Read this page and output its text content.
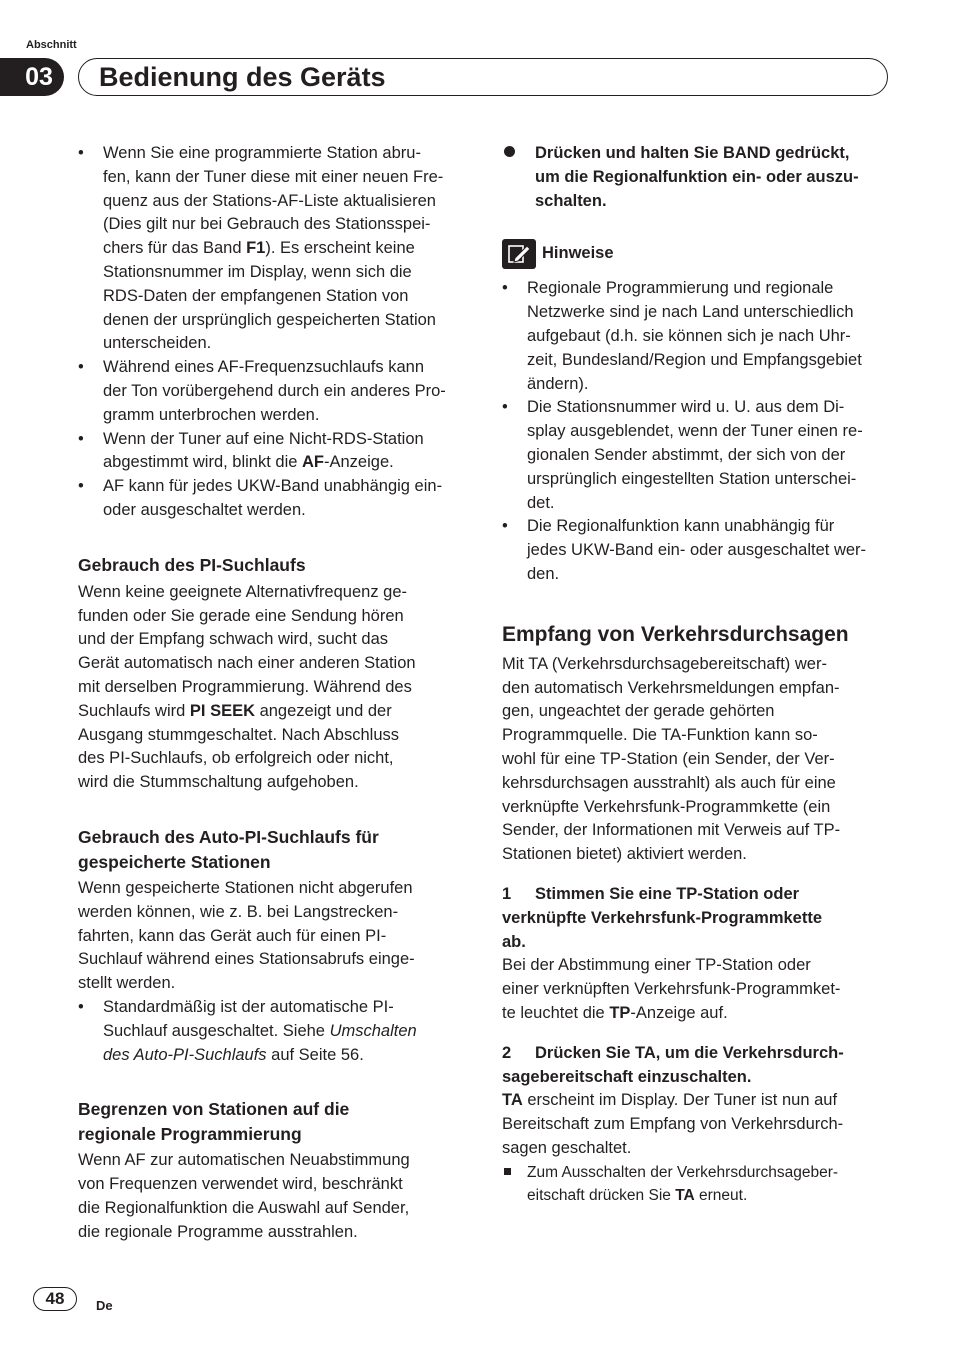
Abschnitt
03	Bedienung des Geräts
• Wenn Sie eine programmierte Station abru-
fen, kann der Tuner diese mit einer neuen Fre-
quenz aus der Stations-AF-Liste aktualisieren
(Dies gilt nur bei Gebrauch des Stationsspei-
chers für das Band F1). Es erscheint keine
Stationsnummer im Display, wenn sich die
RDS-Daten der empfangenen Station von
denen der ursprünglich gespeicherten Station
unterscheiden.
• Während eines AF-Frequenzsuchlaufs kann
der Ton vorübergehend durch ein anderes Pro-
gramm unterbrochen werden.
• Wenn der Tuner auf eine Nicht-RDS-Station
abgestimmt wird, blinkt die AF-Anzeige.
• AF kann für jedes UKW-Band unabhängig ein-
oder ausgeschaltet werden.
Gebrauch des PI-Suchlaufs

Wenn keine geeignete Alternativfrequenz ge-
funden oder Sie gerade eine Sendung hören
und der Empfang schwach wird, sucht das
Gerät automatisch nach einer anderen Station
mit derselben Programmierung. Während des
Suchlaufs wird PI SEEK angezeigt und der
Ausgang stummgeschaltet. Nach Abschluss
des PI-Suchlaufs, ob erfolgreich oder nicht,
wird die Stummschaltung aufgehoben.

Gebrauch des Auto-PI-Suchlaufs für
gespeicherte Stationen

Wenn gespeicherte Stationen nicht abgerufen
werden können, wie z. B. bei Langstrecken-
fahrten, kann das Gerät auch für einen PI-
Suchlauf während eines Stationsabrufs einge-
stellt werden.

• Standardmäßig ist der automatische PI-
Suchlauf ausgeschaltet. Siehe Umschalten
des Auto-PI-Suchlaufs auf Seite 56.
Begrenzen von Stationen auf die
regionale Programmierung

Wenn AF zur automatischen Neuabstimmung
von Frequenzen verwendet wird, beschränkt
die Regionalfunktion die Auswahl auf Sender,
die regionale Programme ausstrahlen.

Drücken und halten Sie BAND gedrückt,
um die Regionalfunktion ein- oder auszu-
schalten.
Hinweise
• Regionale Programmierung und regionale
Netzwerke sind je nach Land unterschiedlich
aufgebaut (d.h. sie können sich je nach Uhr-
zeit, Bundesland/Region und Empfangsgebiet
ändern).
• Die Stationsnummer wird u. U. aus dem Di-
splay ausgeblendet, wenn der Tuner einen re-
gionalen Sender abstimmt, der sich von der
ursprünglich eingestellten Station unterschei-
det.
• Die Regionalfunktion kann unabhängig für
jedes UKW-Band ein- oder ausgeschaltet wer-
den.
Empfang von Verkehrsdurchsagen

Mit TA (Verkehrsdurchsagebereitschaft) wer-
den automatisch Verkehrsmeldungen empfan-
gen, ungeachtet der gerade gehörten
Programmquelle. Die TA-Funktion kann so-
wohl für eine TP-Station (ein Sender, der Ver-
kehrsdurchsagen ausstrahlt) als auch für eine
verknüpfte Verkehrsfunk-Programmkette (ein
Sender, der Informationen mit Verweis auf TP-
Stationen bietet) aktiviert werden.

1 Stimmen Sie eine TP-Station oder
verknüpfte Verkehrsfunk-Programmkette
ab.

Bei der Abstimmung einer TP-Station oder
einer verknüpften Verkehrsfunk-Programmket-
te leuchtet die TP-Anzeige auf.

2 Drücken Sie TA, um die Verkehrsdurch-
sagebereitschaft einzuschalten.

TA erscheint im Display. Der Tuner ist nun auf
Bereitschaft zum Empfang von Verkehrsdurch-
sagen geschaltet.

Zum Ausschalten der Verkehrsdurchsageber-
eitschaft drücken Sie TA erneut.
48	De
